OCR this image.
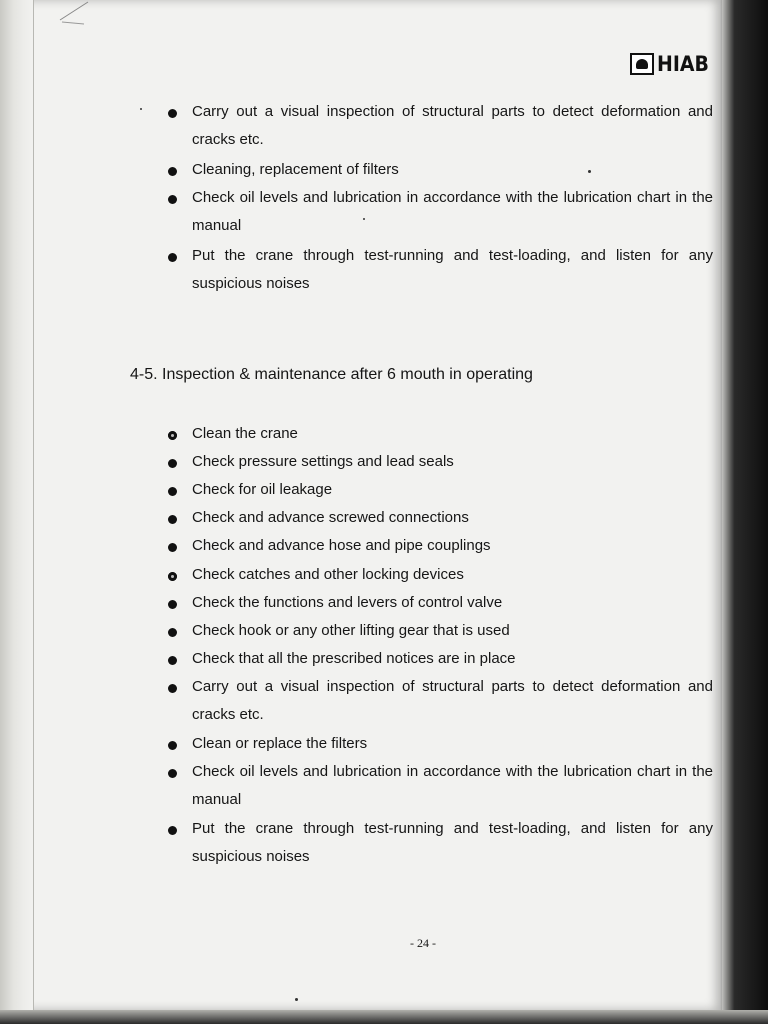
HIAB
Carry out a visual inspection of structural parts to detect deformation and cracks etc.
Cleaning, replacement of filters
Check oil levels and lubrication in accordance with the lubrication chart in the manual
Put the crane through test-running and test-loading, and listen for any suspicious noises
4-5. Inspection & maintenance after 6 mouth in operating
Clean the crane
Check pressure settings and lead seals
Check for oil leakage
Check and advance screwed connections
Check and advance hose and pipe couplings
Check catches and other locking devices
Check the functions and levers of control valve
Check hook or any other lifting gear that is used
Check that all the prescribed notices are in place
Carry out a visual inspection of structural parts to detect deformation and cracks etc.
Clean or replace the filters
Check oil levels and lubrication in accordance with the lubrication chart in the manual
Put the crane through test-running and test-loading, and listen for any suspicious noises
- 24 -
